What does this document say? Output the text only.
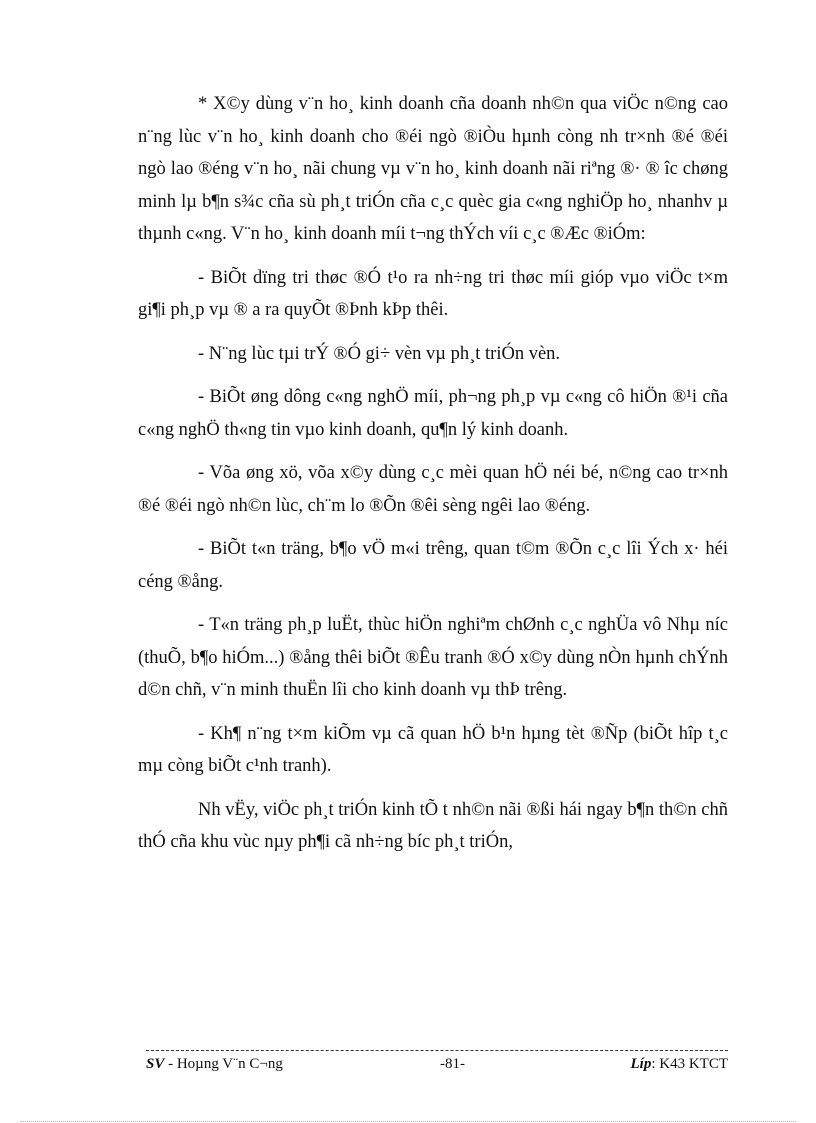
* X©y dùng v¨n ho¸ kinh doanh cña doanh nh©n qua viÖc n©ng cao n¨ng lùc v¨n ho¸ kinh doanh cho ®éi ngò ®iÒu hµnh còng nh tr×nh ®é ®éi ngò lao ®éng v¨n ho¸ nãi chung vµ v¨n ho¸ kinh doanh nãi riªng ®· ® îc chøng minh lµ b¶n s¾c cña sù ph¸t triÓn cña c¸c quèc gia c«ng nghiÖp ho¸ nhanhv µ thµnh c«ng. V¨n ho¸ kinh doanh míi t¬ng thÝch víi c¸c ®Æc ®iÓm:

- BiÕt dïng tri thøc ®Ó t¹o ra nh÷ng tri thøc míi gióp vµo viÖc t×m gi¶i ph¸p vµ ® a ra quyÕt ®Þnh kÞp thêi.

- N¨ng lùc tµi trÝ ®Ó gi÷ vèn vµ ph¸t triÓn vèn.

- BiÕt øng dông c«ng nghÖ míi, ph¬ng ph¸p vµ c«ng cô hiÖn ®¹i cña c«ng nghÖ th«ng tin vµo kinh doanh, qu¶n lý kinh doanh.

- Võa øng xö, võa x©y dùng c¸c mèi quan hÖ néi bé, n©ng cao tr×nh ®é ®éi ngò nh©n lùc, ch¨m lo ®Õn ®êi sèng ngêi lao ®éng.

- BiÕt t«n träng, b¶o vÖ m«i trêng, quan t©m ®Õn c¸c lîi Ých x· héi céng ®ång.

- T«n träng ph¸p luËt, thùc hiÖn nghiªm chØnh c¸c nghÜa vô Nhµ níc (thuÕ, b¶o hiÓm...) ®ång thêi biÕt ®Êu tranh ®Ó x©y dùng nÒn hµnh chÝnh d©n chñ, v¨n minh thuËn lîi cho kinh doanh vµ thÞ trêng.

- Kh¶ n¨ng t×m kiÕm vµ cã quan hÖ b¹n hµng tèt ®Ñp (biÕt hîp t¸c mµ còng biÕt c¹nh tranh).

Nh vËy, viÖc ph¸t triÓn kinh tÕ t nh©n nãi ®ßi hái ngay b¶n th©n chñ thÓ cña khu vùc nµy ph¶i cã nh÷ng bíc ph¸t triÓn,

SV - Hoµng V¨n C¬ng	-81-	Líp: K43 KTCT
